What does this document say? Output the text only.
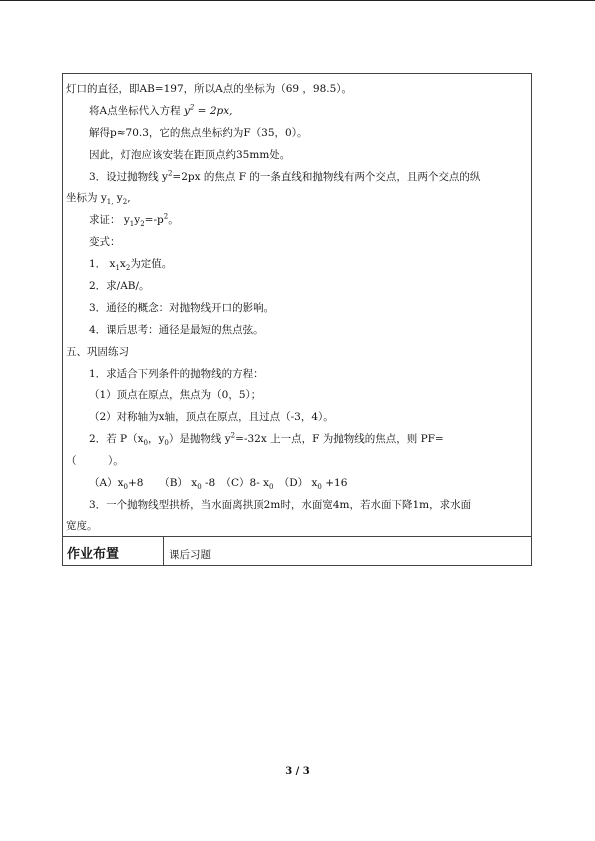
灯口的直径，即AB=197，所以A点的坐标为（69 ，98.5）。
将A点坐标代入方程 $y^2 = 2px$,
解得p≈70.3，它的焦点坐标约为F（35，0）。
因此，灯泡应该安装在距顶点约35mm处。
3．设过抛物线 $y^2=2px$ 的焦点 F 的一条直线和抛物线有两个交点，且两个交点的纵
坐标为 $y_{1,}$ $y_2$,
求证： $y_1y_2=-p^2$。
变式：
1． $x_1x_2$为定值。
2．求/AB/。
3．通径的概念：对抛物线开口的影响。
4．课后思考：通径是最短的焦点弦。
五、巩固练习
1．求适合下列条件的抛物线的方程：
（1）顶点在原点，焦点为（0，5）；
（2）对称轴为x轴，顶点在原点，且过点（-3，4）。
2．若 $P(x_0$，$y_0$）是抛物线 $y^2=-32x$ 上一点，F 为抛物线的焦点，则 PF=
（　　　）。
$(A)x_0+8$　　（B） $x_0$ -8　（C）8- $x_0$　（D） $x_0 +16$
3．一个抛物线型拱桥，当水面离拱顶2m时，水面宽4m，若水面下降1m，求水面
宽度。
作业布置	课后习题
3 / 3
